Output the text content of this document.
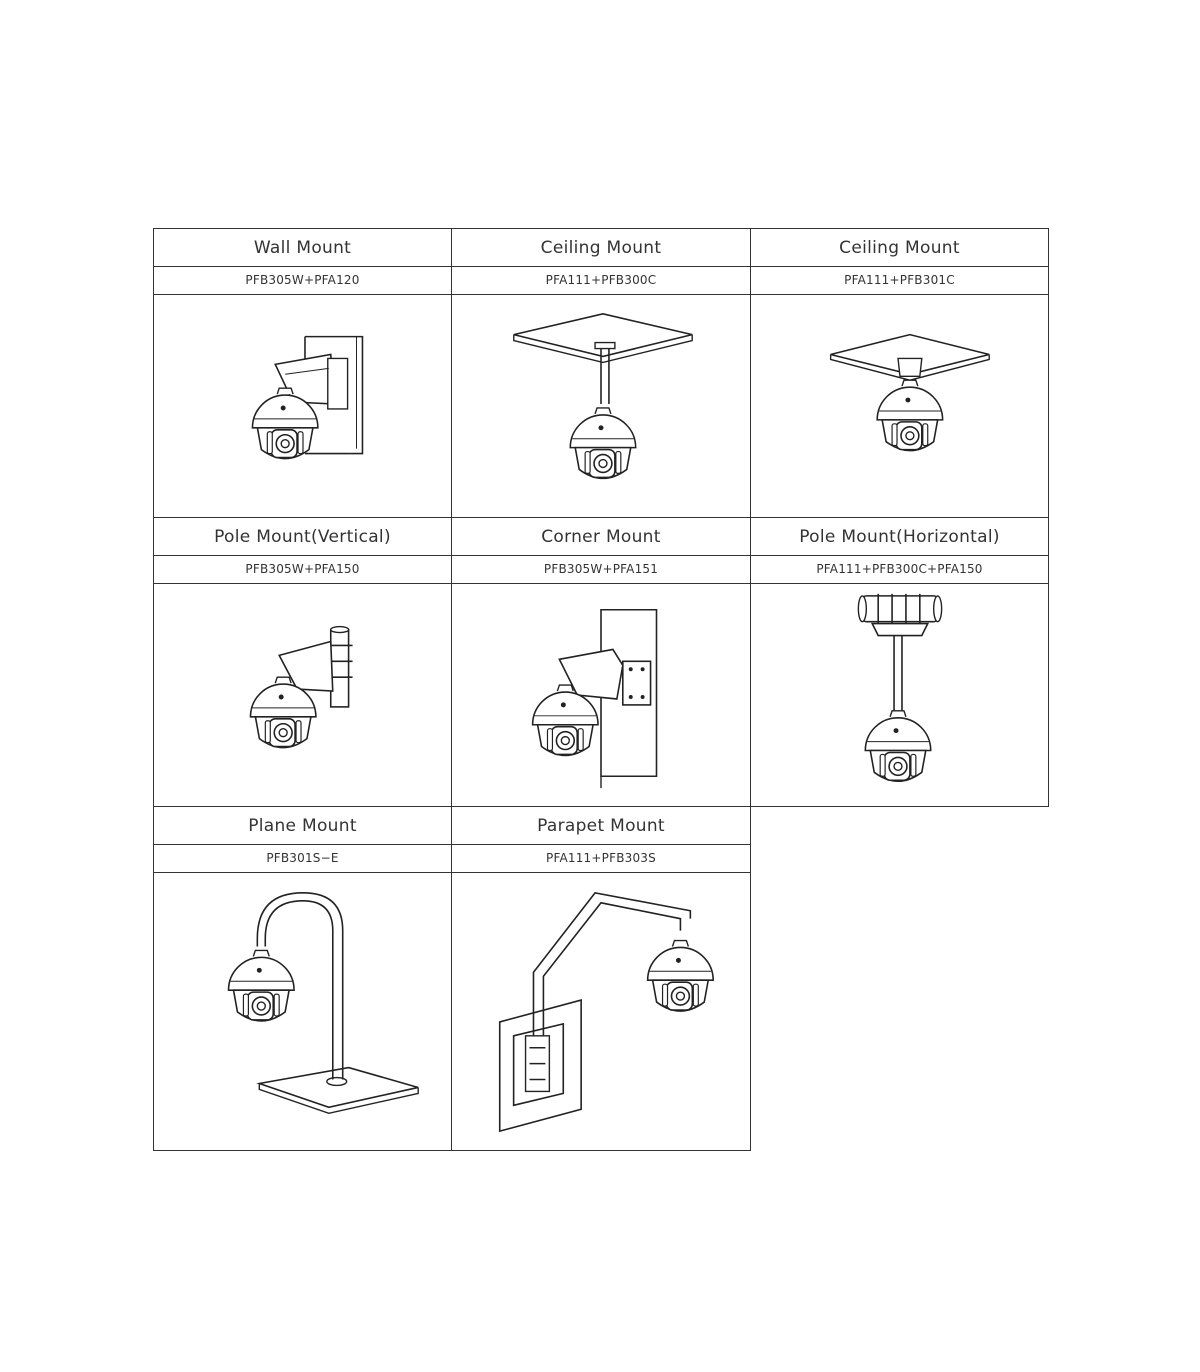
Wall Mount
PFB305W+PFA120
Ceiling Mount
PFA111+PFB300C
Ceiling Mount
PFA111+PFB301C
Pole Mount(Vertical)
PFB305W+PFA150
Corner Mount
PFB305W+PFA151
Pole Mount(Horizontal)
PFA111+PFB300C+PFA150
Plane Mount
PFB301S−E
Parapet Mount
PFA111+PFB303S
